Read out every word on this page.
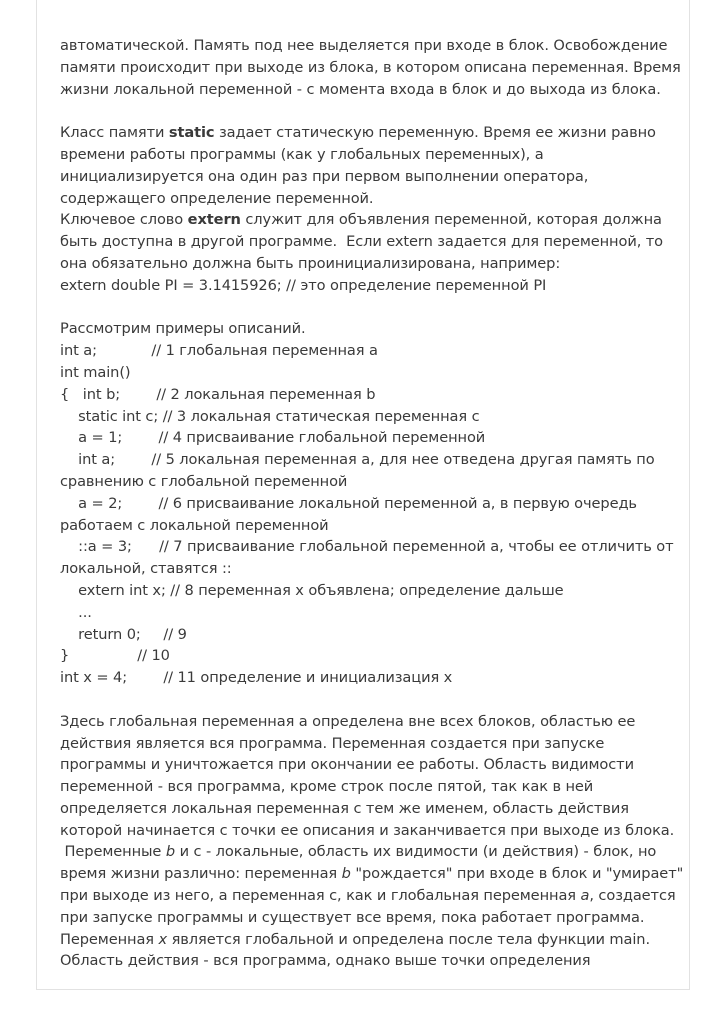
автоматической. Память под нее выделяется при входе в блок. Освобождение
памяти происходит при выходе из блока, в котором описана переменная. Время
жизни локальной переменной - с момента входа в блок и до выхода из блока.
Класс памяти static задает статическую переменную. Время ее жизни равно
времени работы программы (как у глобальных переменных), а
инициализируется она один раз при первом выполнении оператора,
содержащего определение переменной.
Ключевое слово extern служит для объявления переменной, которая должна
быть доступна в другой программе.  Если extern задается для переменной, то
она обязательно должна быть проинициализирована, например:
extern double PI = 3.1415926; // это определение переменной PI
Рассмотрим примеры описаний.
int a;            // 1 глобальная переменная а
int main()
{   int b;        // 2 локальная переменная b
static int c; // 3 локальная статическая переменная c
a = 1;        // 4 присваивание глобальной переменной
int a;        // 5 локальная переменная а, для нее отведена другая память по
сравнению с глобальной переменной
a = 2;        // 6 присваивание локальной переменной а, в первую очередь
работаем с локальной переменной
::a = 3;      // 7 присваивание глобальной переменной а, чтобы ее отличить от
локальной, ставятся ::
extern int x; // 8 переменная х объявлена; определение дальше
...
return 0;     // 9
}               // 10
int x = 4;        // 11 определение и инициализация х
Здесь глобальная переменная а определена вне всех блоков, областью ее
действия является вся программа. Переменная создается при запуске
программы и уничтожается при окончании ее работы. Область видимости
переменной - вся программа, кроме строк после пятой, так как в ней
определяется локальная переменная с тем же именем, область действия
которой начинается с точки ее описания и заканчивается при выходе из блока.
Переменные b и с - локальные, область их видимости (и действия) - блок, но
время жизни различно: переменная b "рождается" при входе в блок и "умирает"
при выходе из него, а переменная с, как и глобальная переменная а, создается
при запуске программы и существует все время, пока работает программа.
Переменная х является глобальной и определена после тела функции main.
Область действия - вся программа, однако выше точки определения
